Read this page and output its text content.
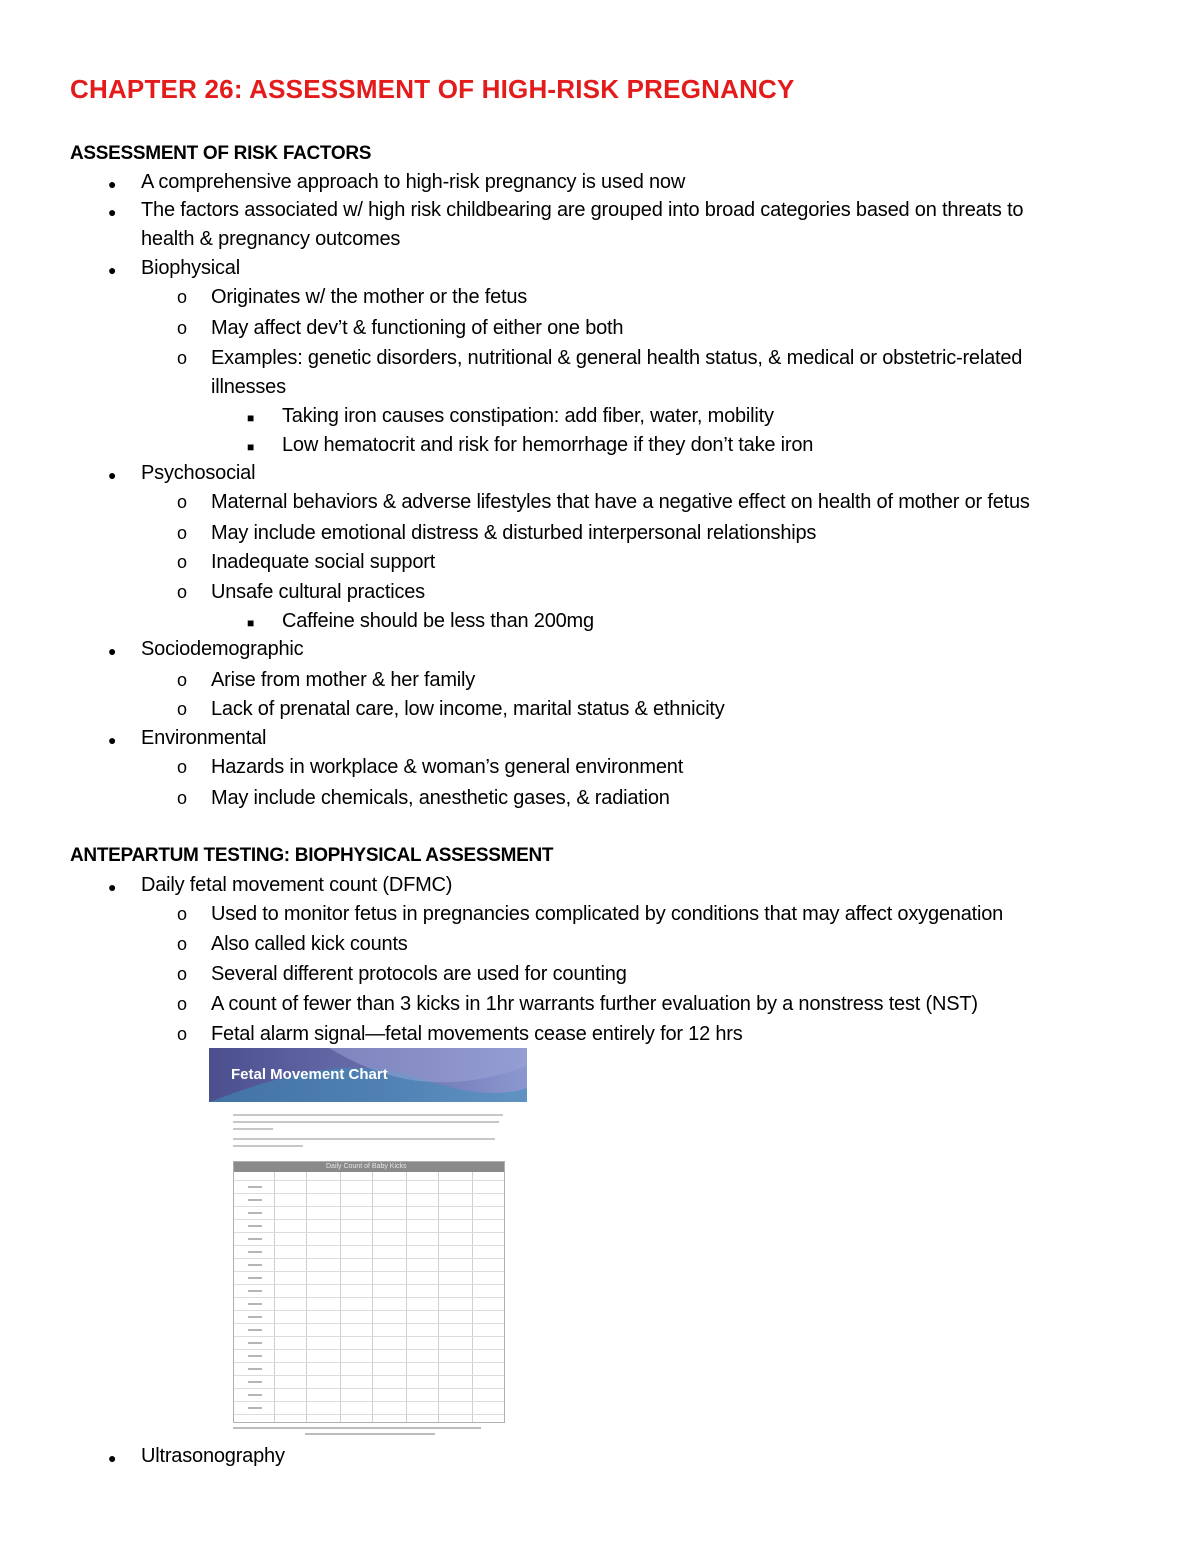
CHAPTER 26: ASSESSMENT OF HIGH-RISK PREGNANCY
ASSESSMENT OF RISK FACTORS
● A comprehensive approach to high-risk pregnancy is used now
● The factors associated w/ high risk childbearing are grouped into broad categories based on threats to
health & pregnancy outcomes
● Biophysical
o Originates w/ the mother or the fetus
o May affect dev’t & functioning of either one both
o Examples: genetic disorders, nutritional & general health status, & medical or obstetric-related
illnesses
■ Taking iron causes constipation: add fiber, water, mobility
■ Low hematocrit and risk for hemorrhage if they don’t take iron
● Psychosocial
o Maternal behaviors & adverse lifestyles that have a negative effect on health of mother or fetus
o May include emotional distress & disturbed interpersonal relationships
o Inadequate social support
o Unsafe cultural practices
■ Caffeine should be less than 200mg
● Sociodemographic
o Arise from mother & her family
o Lack of prenatal care, low income, marital status & ethnicity
● Environmental
o Hazards in workplace & woman’s general environment
o May include chemicals, anesthetic gases, & radiation
ANTEPARTUM TESTING: BIOPHYSICAL ASSESSMENT
● Daily fetal movement count (DFMC)
o Used to monitor fetus in pregnancies complicated by conditions that may affect oxygenation
o Also called kick counts
o Several different protocols are used for counting
o A count of fewer than 3 kicks in 1hr warrants further evaluation by a nonstress test (NST)
o Fetal alarm signal—fetal movements cease entirely for 12 hrs
Fetal Movement Chart
Daily Count of Baby Kicks
● Ultrasonography
